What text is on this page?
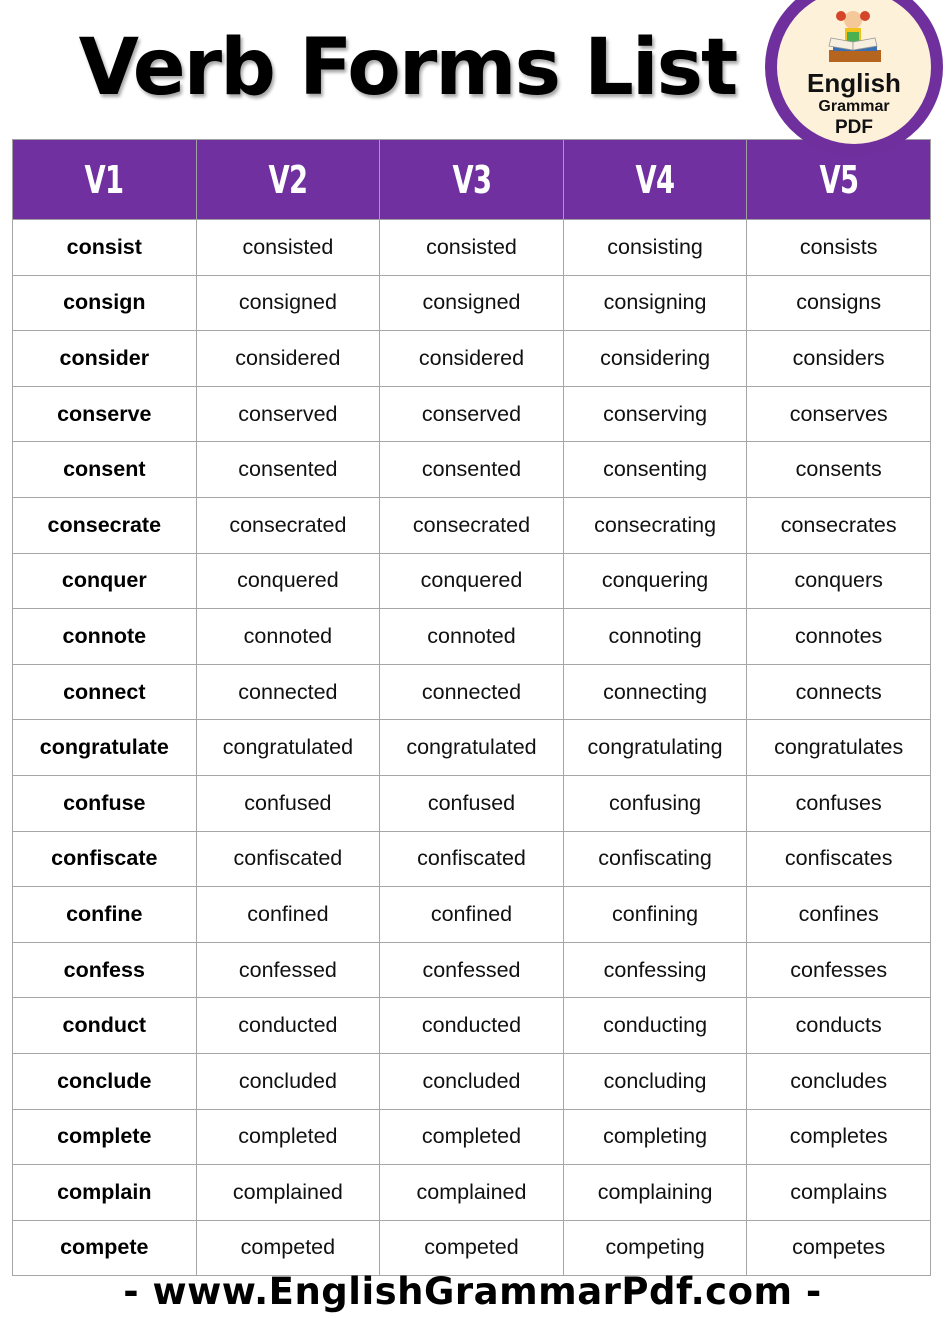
Verb Forms List	English
Grammar
PDF
V1	V2	V3	V4	V5
consist	consisted	consisted	consisting	consists
consign	consigned	consigned	consigning	consigns
consider	considered	considered	considering	considers
conserve	conserved	conserved	conserving	conserves
consent	consented	consented	consenting	consents
consecrate	consecrated	consecrated	consecrating	consecrates
conquer	conquered	conquered	conquering	conquers
connote	connoted	connoted	connoting	connotes
connect	connected	connected	connecting	connects
congratulate	congratulated	congratulated	congratulating	congratulates
confuse	confused	confused	confusing	confuses
confiscate	confiscated	confiscated	confiscating	confiscates
confine	confined	confined	confining	confines
confess	confessed	confessed	confessing	confesses
conduct	conducted	conducted	conducting	conducts
conclude	concluded	concluded	concluding	concludes
complete	completed	completed	completing	completes
complain	complained	complained	complaining	complains
compete	competed	competed	competing	competes
- www.EnglishGrammarPdf.com -
